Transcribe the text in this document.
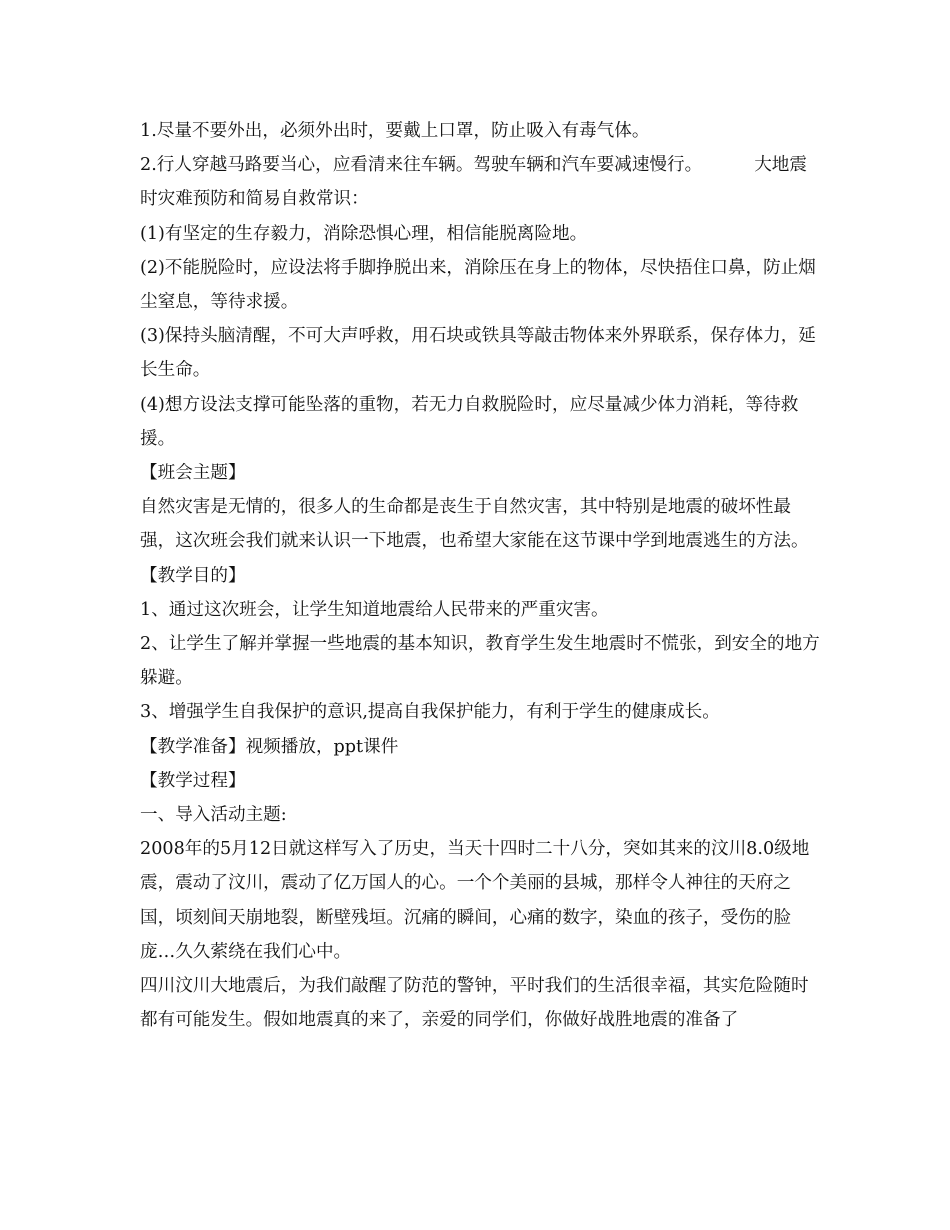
1.尽量不要外出，必须外出时，要戴上口罩，防止吸入有毒气体。

2.行人穿越马路要当心，应看清来往车辆。驾驶车辆和汽车要减速慢行。	大地震时灾难预防和简易自救常识：

(1)有坚定的生存毅力，消除恐惧心理，相信能脱离险地。

(2)不能脱险时，应设法将手脚挣脱出来，消除压在身上的物体，尽快捂住口鼻，防止烟尘窒息，等待求援。

(3)保持头脑清醒，不可大声呼救，用石块或铁具等敲击物体来外界联系，保存体力，延长生命。

(4)想方设法支撑可能坠落的重物，若无力自救脱险时，应尽量减少体力消耗，等待救援。

【班会主题】

自然灾害是无情的，很多人的生命都是丧生于自然灾害，其中特别是地震的破坏性最强，这次班会我们就来认识一下地震，也希望大家能在这节课中学到地震逃生的方法。

【教学目的】

1、通过这次班会，让学生知道地震给人民带来的严重灾害。

2、让学生了解并掌握一些地震的基本知识，教育学生发生地震时不慌张，到安全的地方躲避。

3、增强学生自我保护的意识,提高自我保护能力，有利于学生的健康成长。

【教学准备】视频播放，ppt课件

【教学过程】

一、导入活动主题:

2008年的5月12日就这样写入了历史，当天十四时二十八分，突如其来的汶川8.0级地震，震动了汶川，震动了亿万国人的心。一个个美丽的县城，那样令人神往的天府之国，顷刻间天崩地裂，断壁残垣。沉痛的瞬间，心痛的数字，染血的孩子，受伤的脸庞…久久萦绕在我们心中。

四川汶川大地震后，为我们敲醒了防范的警钟，平时我们的生活很幸福，其实危险随时都有可能发生。假如地震真的来了，亲爱的同学们，你做好战胜地震的准备了
